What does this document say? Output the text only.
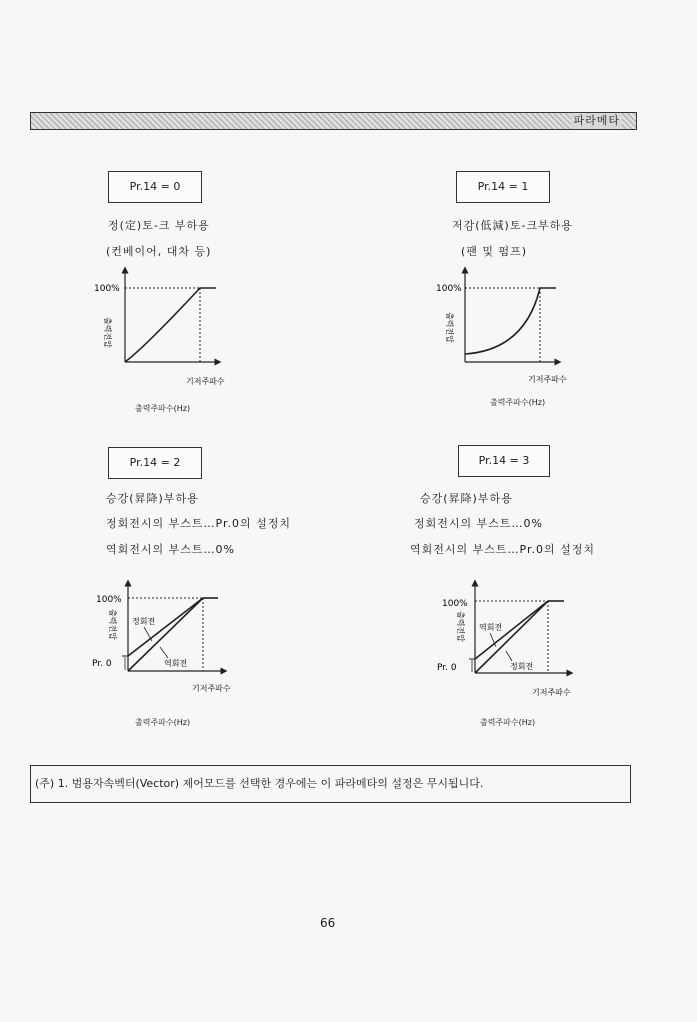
파라메타
Pr.14 = 0
정(定)토-크 부하용
(컨베이어, 대차 등)
100%
출력전압
기저주파수
출력주파수(Hz)
Pr.14 = 1
저감(低減)토-크부하용
(팬 및 펌프)
100%
출력전압
기저주파수
출력주파수(Hz)
Pr.14 = 2
승강(昇降)부하용
정회전시의 부스트…Pr.0의 설정치
역회전시의 부스트…0%
100%
출력전압
Pr. 0
정회전
역회전
기저주파수
출력주파수(Hz)
Pr.14 = 3
승강(昇降)부하용
정회전시의 부스트…0%
역회전시의 부스트…Pr.0의 설정치
100%
출력전압
Pr. 0
역회전
정회전
기저주파수
출력주파수(Hz)
(주) 1. 범용자속벡터(Vector) 제어모드를 선택한 경우에는 이 파라메타의 설정은 무시됩니다.
66
